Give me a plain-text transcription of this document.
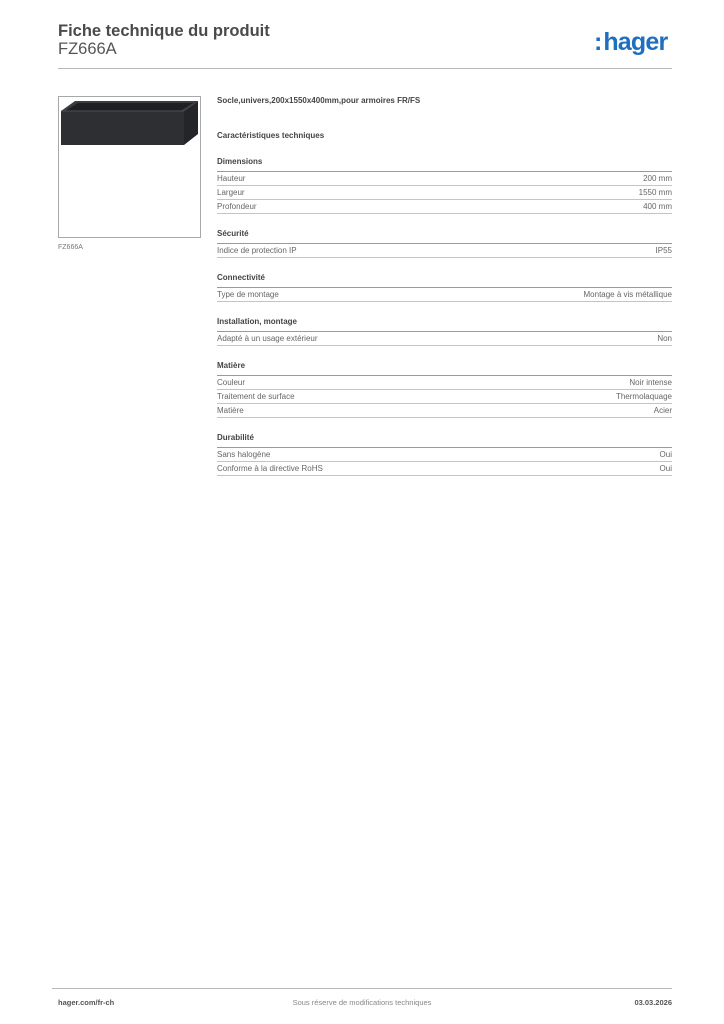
Fiche technique du produit
FZ666A	:hager
FZ666A

Socle,univers,200x1550x400mm,pour armoires FR/FS

Caractéristiques techniques
Dimensions
Hauteur	200 mm
Largeur	1550 mm
Profondeur	400 mm
Sécurité
Indice de protection IP	IP55
Connectivité
Type de montage	Montage à vis métallique
Installation, montage
Adapté à un usage extérieur	Non
Matière
Couleur	Noir intense
Traitement de surface	Thermolaquage
Matière	Acier
Durabilité
Sans halogène	Oui
Conforme à la directive RoHS	Oui
hager.com/fr-ch	Sous réserve de modifications techniques	03.03.2026
